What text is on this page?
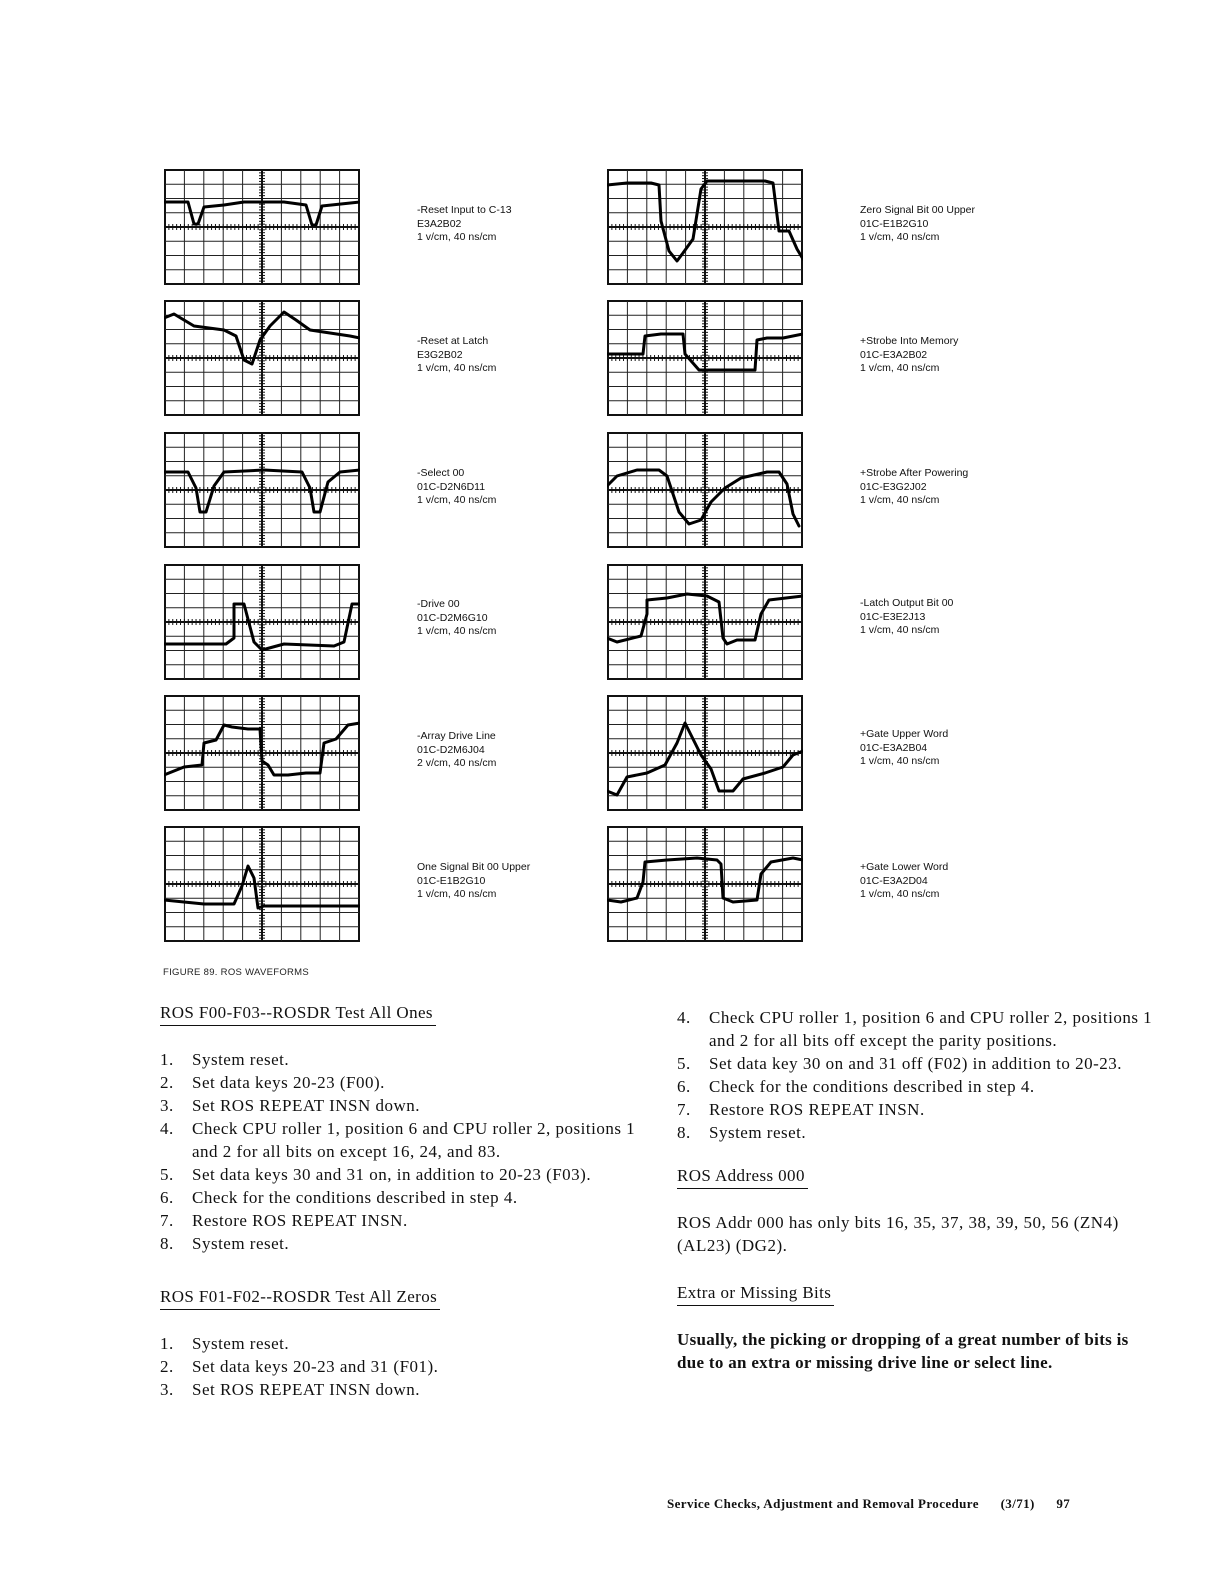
-Reset Input to C-13
E3A2B02
1 v/cm, 40 ns/cm
Zero Signal Bit 00 Upper
01C-E1B2G10
1 v/cm, 40 ns/cm
-Reset at Latch
E3G2B02
1 v/cm, 40 ns/cm
+Strobe Into Memory
01C-E3A2B02
1 v/cm, 40 ns/cm
-Select 00
01C-D2N6D11
1 v/cm, 40 ns/cm
+Strobe After Powering
01C-E3G2J02
1 v/cm, 40 ns/cm
-Drive 00
01C-D2M6G10
1 v/cm, 40 ns/cm
-Latch Output Bit 00
01C-E3E2J13
1 v/cm, 40 ns/cm
-Array Drive Line
01C-D2M6J04
2 v/cm, 40 ns/cm
+Gate Upper Word
01C-E3A2B04
1 v/cm, 40 ns/cm
One Signal Bit 00 Upper
01C-E1B2G10
1 v/cm, 40 ns/cm
+Gate Lower Word
01C-E3A2D04
1 v/cm, 40 ns/cm
FIGURE 89. ROS WAVEFORMS
ROS F00-F03--ROSDR Test All Ones
1. System reset.
2. Set data keys 20-23 (F00).
3. Set ROS REPEAT INSN down.
4. Check CPU roller 1, position 6 and CPU roller 2, positions 1 and 2 for all bits on except 16, 24, and 83.
5. Set data keys 30 and 31 on, in addition to 20-23 (F03).
6. Check for the conditions described in step 4.
7. Restore ROS REPEAT INSN.
8. System reset.
ROS F01-F02--ROSDR Test All Zeros
1. System reset.
2. Set data keys 20-23 and 31 (F01).
3. Set ROS REPEAT INSN down.
4. Check CPU roller 1, position 6 and CPU roller 2, positions 1 and 2 for all bits off except the parity positions.
5. Set data key 30 on and 31 off (F02) in addition to 20-23.
6. Check for the conditions described in step 4.
7. Restore ROS REPEAT INSN.
8. System reset.
ROS Address 000

ROS Addr 000 has only bits 16, 35, 37, 38, 39, 50, 56 (ZN4) (AL23) (DG2).

Extra or Missing Bits

Usually, the picking or dropping of a great number of bits is due to an extra or missing drive line or select line.

Service Checks, Adjustment and Removal Procedure (3/71) 97
